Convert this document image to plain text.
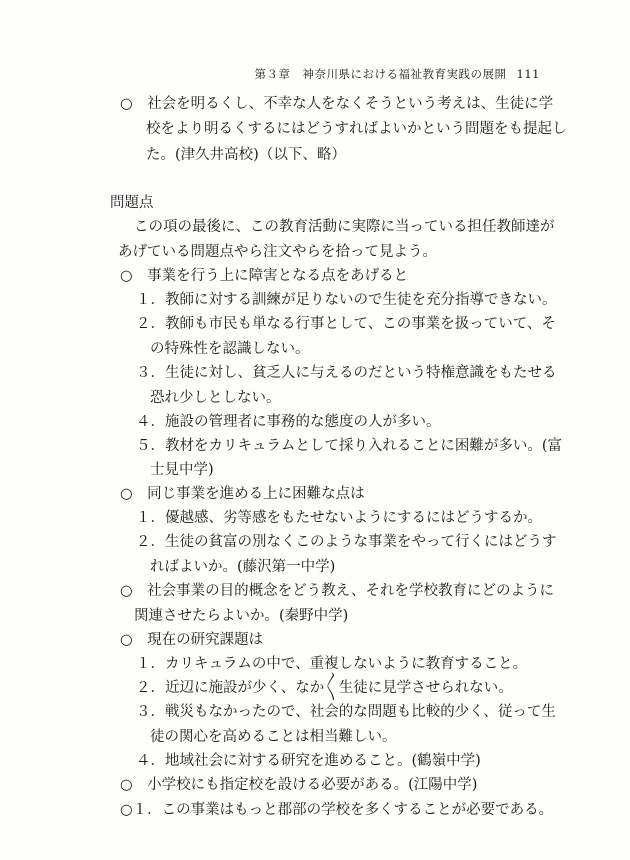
第３章　神奈川県における福祉教育実践の展開 111
○　社会を明るくし、不幸な人をなくそうという考えは、生徒に学
校をより明るくするにはどうすればよいかという問題をも提起し
た。(津久井高校)（以下、略）
問題点
この項の最後に、この教育活動に実際に当っている担任教師達が
あげている問題点やら注文やらを拾って見よう。
○　事業を行う上に障害となる点をあげると
１．教師に対する訓練が足りないので生徒を充分指導できない。
２．教師も市民も単なる行事として、この事業を扱っていて、そ
の特殊性を認識しない。
３．生徒に対し、貧乏人に与えるのだという特権意識をもたせる
恐れ少しとしない。
４．施設の管理者に事務的な態度の人が多い。
５．教材をカリキュラムとして採り入れることに困難が多い。(富
士見中学)
○　同じ事業を進める上に困難な点は
１．優越感、劣等感をもたせないようにするにはどうするか。
２．生徒の貧富の別なくこのような事業をやって行くにはどうす
ればよいか。(藤沢第一中学)
○　社会事業の目的概念をどう教え、それを学校教育にどのように
関連させたらよいか。(秦野中学)
○　現在の研究課題は
１．カリキュラムの中で、重複しないように教育すること。
２．近辺に施設が少く、なか〳〵生徒に見学させられない。
３．戦災もなかったので、社会的な問題も比較的少く、従って生
徒の関心を高めることは相当難しい。
４．地域社会に対する研究を進めること。(鶴嶺中学)
○　小学校にも指定校を設ける必要がある。(江陽中学)
○１．この事業はもっと郡部の学校を多くすることが必要である。
